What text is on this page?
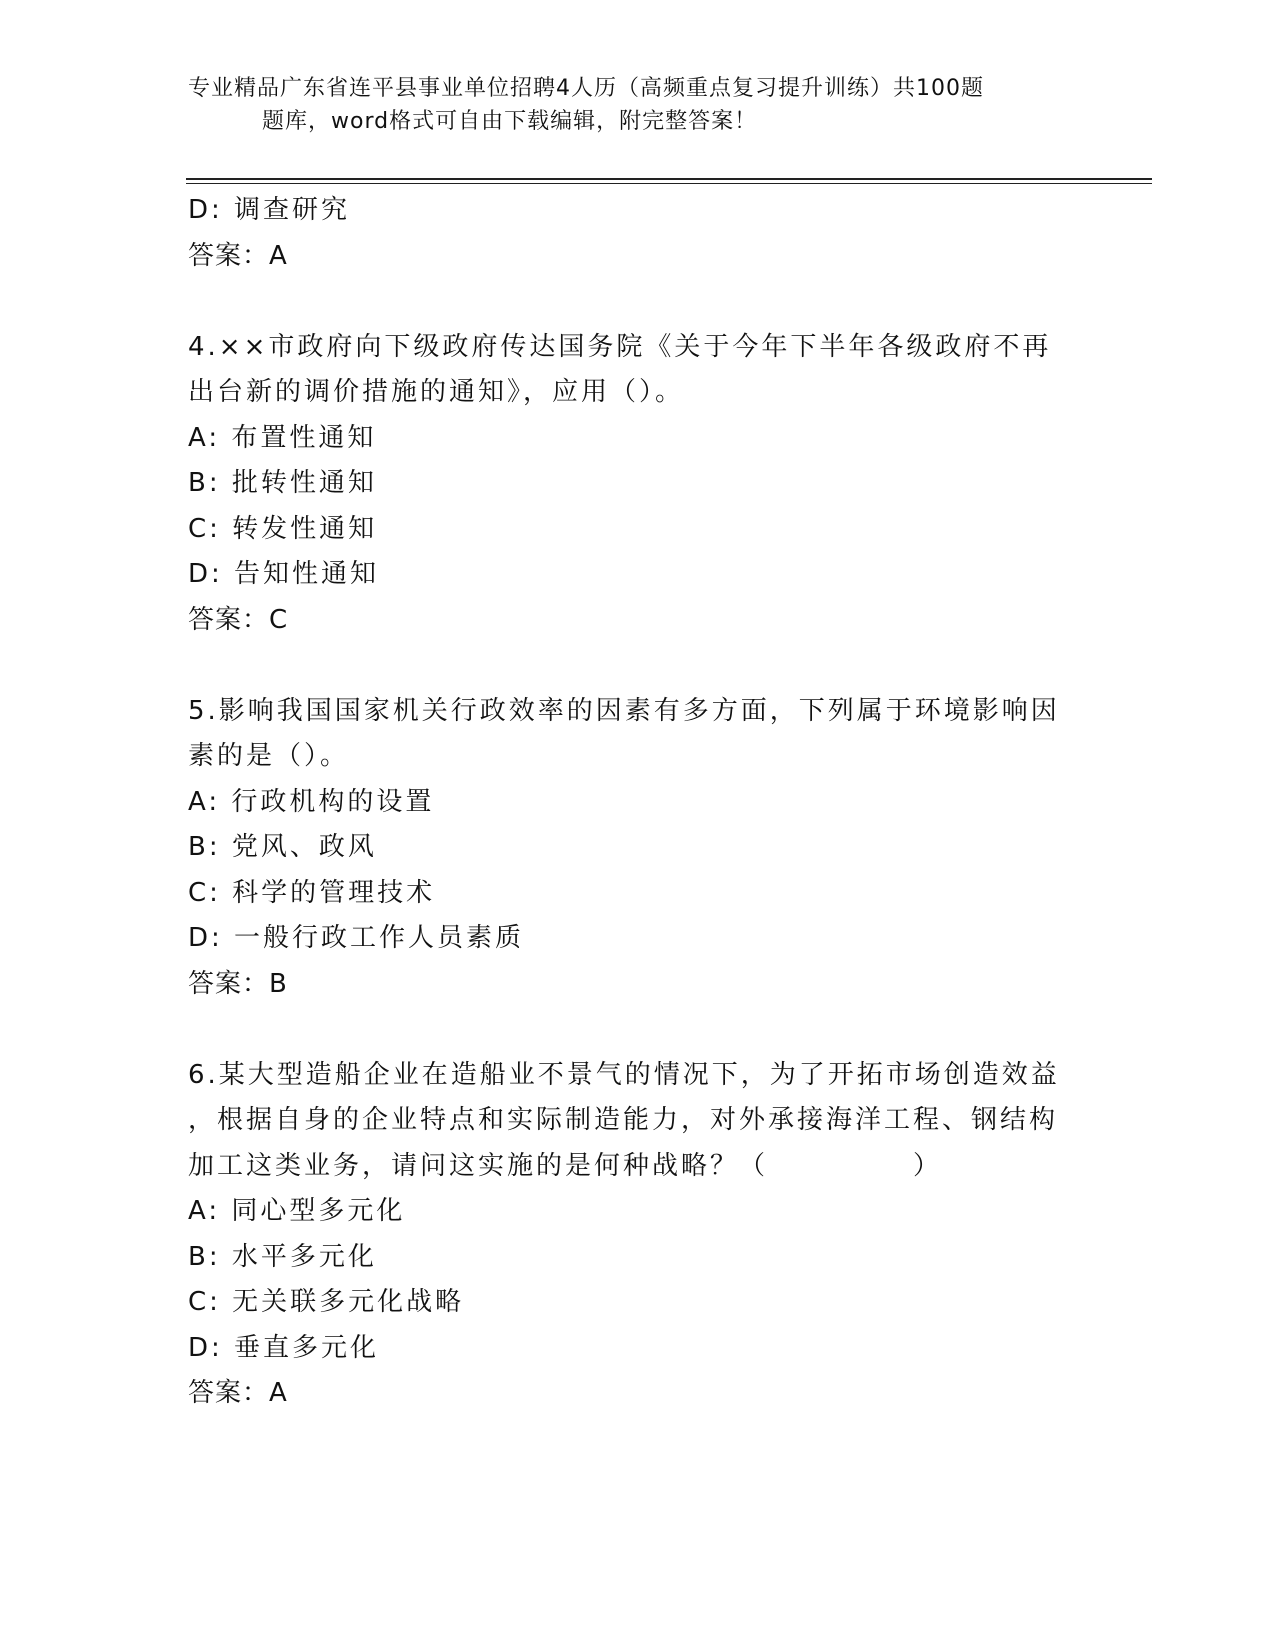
专业精品广东省连平县事业单位招聘4人历（高频重点复习提升训练）共100题
题库，word格式可自由下载编辑，附完整答案！
D: 调查研究
答案：A
4.××市政府向下级政府传达国务院《关于今年下半年各级政府不再
出台新的调价措施的通知》，应用（）。
A: 布置性通知
B: 批转性通知
C: 转发性通知
D: 告知性通知
答案：C
5.影响我国国家机关行政效率的因素有多方面，下列属于环境影响因
素的是（）。
A: 行政机构的设置
B: 党风、政风
C: 科学的管理技术
D: 一般行政工作人员素质
答案：B
6.某大型造船企业在造船业不景气的情况下，为了开拓市场创造效益
，根据自身的企业特点和实际制造能力，对外承接海洋工程、钢结构
加工这类业务，请问这实施的是何种战略？（　　　　　）
A: 同心型多元化
B: 水平多元化
C: 无关联多元化战略
D: 垂直多元化
答案：A
